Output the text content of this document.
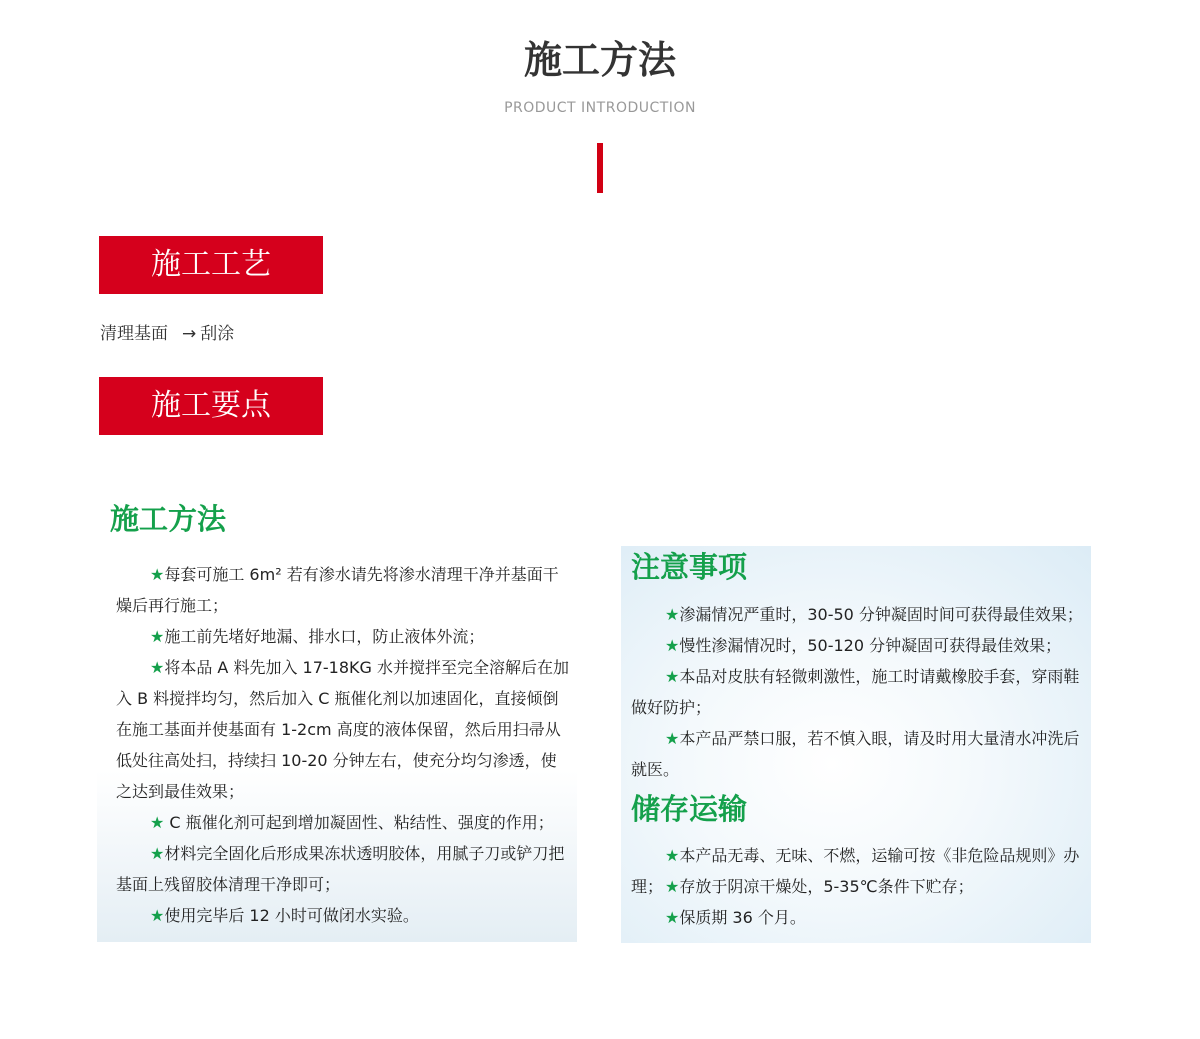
施工方法
PRODUCT INTRODUCTION
施工工艺
清理基面 → 刮涂
施工要点
施工方法

★每套可施工 6m² 若有渗水请先将渗水清理干净并基面干燥后再行施工；

★施工前先堵好地漏、排水口，防止液体外流；

★将本品 A 料先加入 17-18KG 水并搅拌至完全溶解后在加入 B 料搅拌均匀，然后加入 C 瓶催化剂以加速固化，直接倾倒在施工基面并使基面有 1-2cm 高度的液体保留，然后用扫帚从低处往高处扫，持续扫 10-20 分钟左右，使充分均匀渗透，使之达到最佳效果；

★ C 瓶催化剂可起到增加凝固性、粘结性、强度的作用；

★材料完全固化后形成果冻状透明胶体，用腻子刀或铲刀把基面上残留胶体清理干净即可；

★使用完毕后 12 小时可做闭水实验。

注意事项

★渗漏情况严重时，30-50 分钟凝固时间可获得最佳效果；

★慢性渗漏情况时，50-120 分钟凝固可获得最佳效果；

★本品对皮肤有轻微刺激性，施工时请戴橡胶手套，穿雨鞋做好防护；

★本产品严禁口服，若不慎入眼，请及时用大量清水冲洗后就医。

储存运输

★本产品无毒、无味、不燃，运输可按《非危险品规则》办理； ★存放于阴凉干燥处，5-35℃条件下贮存；

★保质期 36 个月。
